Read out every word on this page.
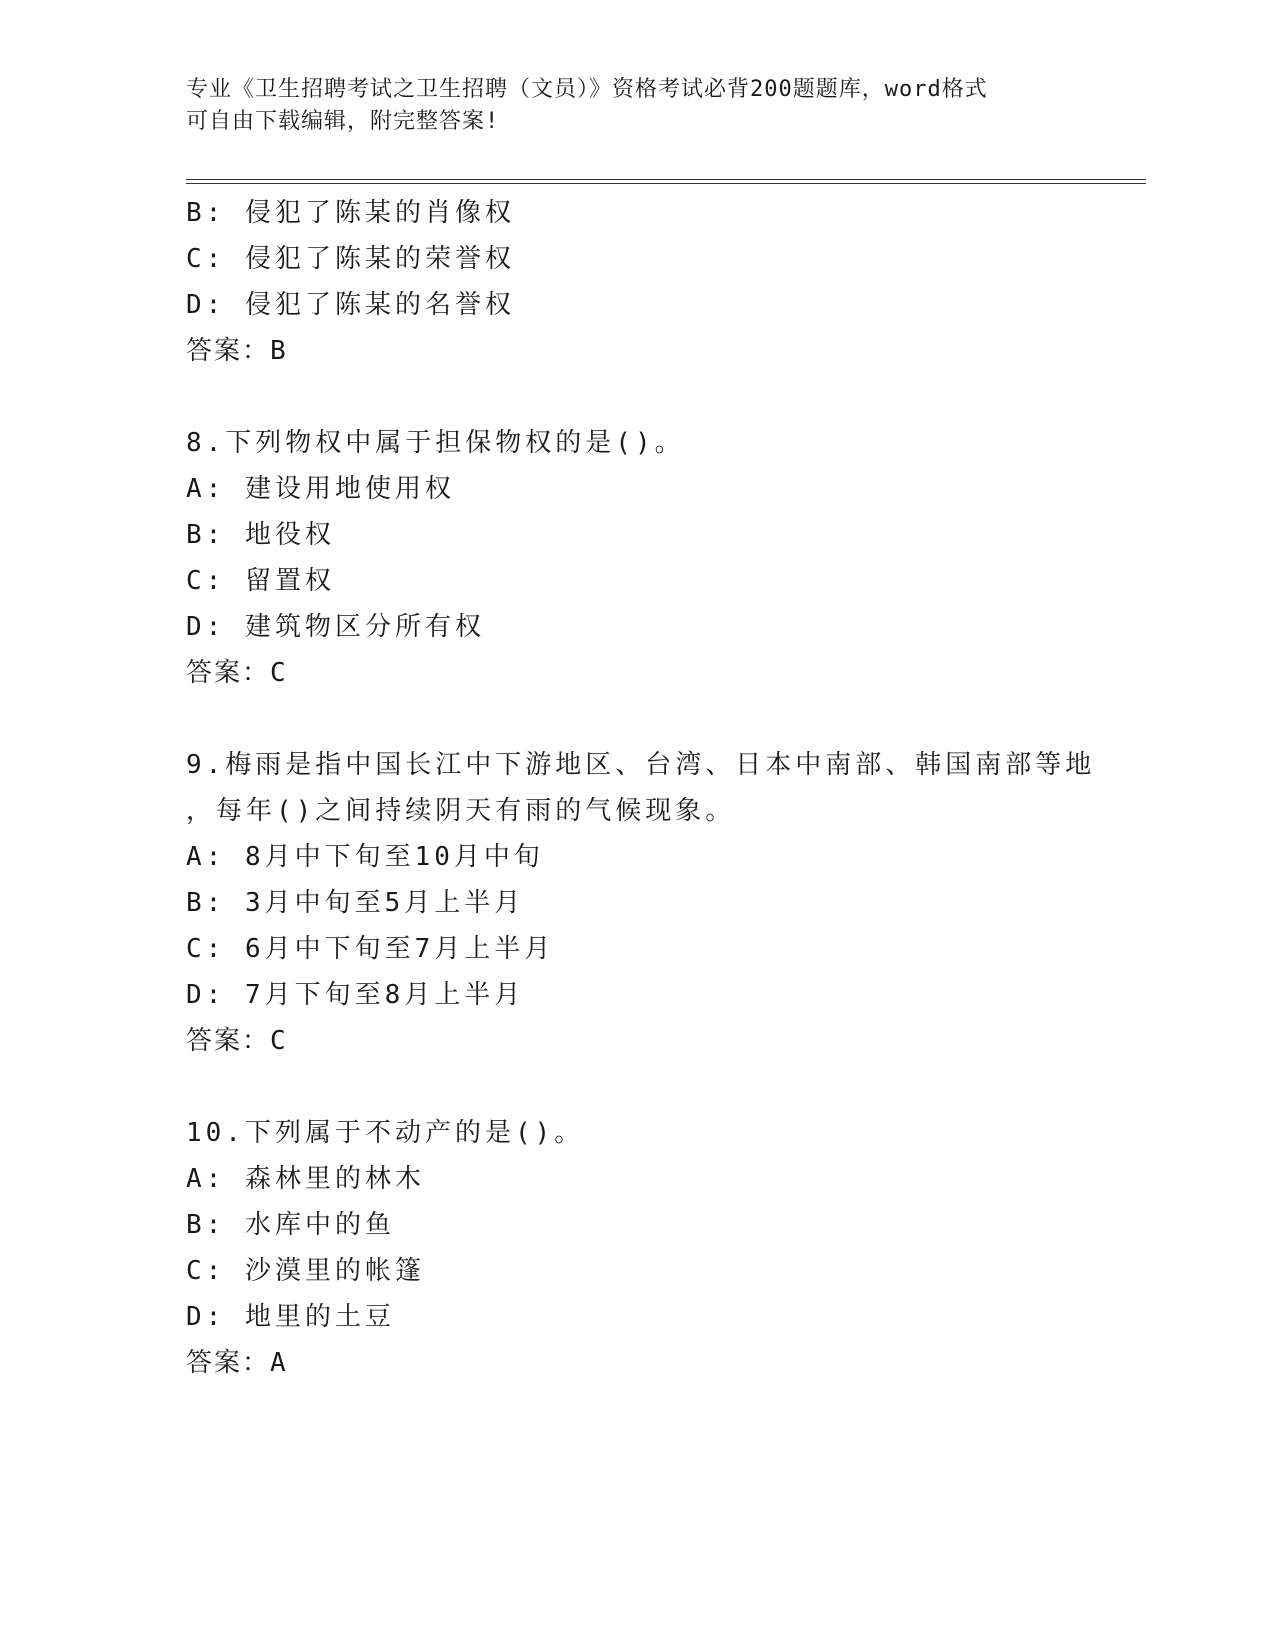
专业《卫生招聘考试之卫生招聘（文员）》资格考试必背200题题库，word格式
可自由下载编辑，附完整答案!
B: 侵犯了陈某的肖像权
C: 侵犯了陈某的荣誉权
D: 侵犯了陈某的名誉权
答案：B
8.下列物权中属于担保物权的是()。
A: 建设用地使用权
B: 地役权
C: 留置权
D: 建筑物区分所有权
答案：C
9.梅雨是指中国长江中下游地区、台湾、日本中南部、韩国南部等地
，每年()之间持续阴天有雨的气候现象。
A: 8月中下旬至10月中旬
B: 3月中旬至5月上半月
C: 6月中下旬至7月上半月
D: 7月下旬至8月上半月
答案：C
10.下列属于不动产的是()。
A: 森林里的林木
B: 水库中的鱼
C: 沙漠里的帐篷
D: 地里的土豆
答案：A
